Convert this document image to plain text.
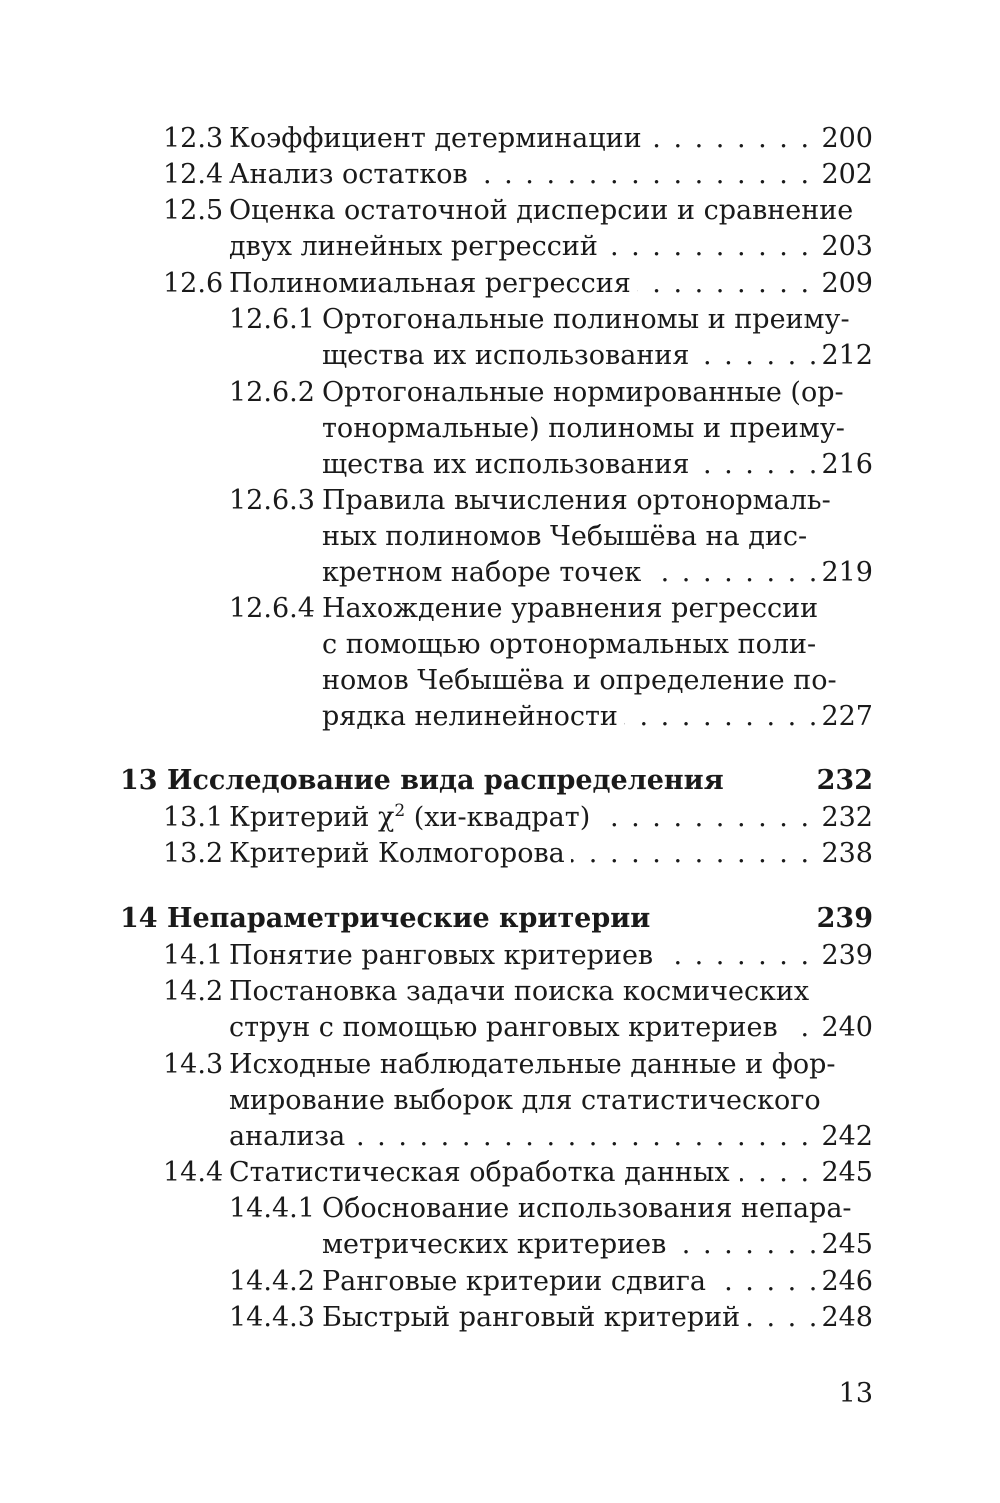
12.3 Коэффициент детерминации . . .	200
12.4 Анализ остатков . . .	202
12.5 Оценка остаточной дисперсии и сравнение
двух линейных регрессий . . .	203
12.6 Полиномиальная регрессия . . .	209
12.6.1 Ортогональные полиномы и преиму-
щества их использования . . .	212
12.6.2 Ортогональные нормированные (ор-
тонормальные) полиномы и преиму-
щества их использования . . .	216
12.6.3 Правила вычисления ортонормаль-
ных полиномов Чебышёва на дис-
кретном наборе точек . . .	219
12.6.4 Нахождение уравнения регрессии
с помощью ортонормальных поли-
номов Чебышёва и определение по-
рядка нелинейности . . .	227
13 Исследование вида распределения	232
13.1 Критерий $\chi^2$ (хи-квадрат) . . .	232
13.2 Критерий Колмогорова . . .	238
14 Непараметрические критерии	239
14.1 Понятие ранговых критериев . . .	239
14.2 Постановка задачи поиска космических
струн с помощью ранговых критериев . . .	240
14.3 Исходные наблюдательные данные и фор-
мирование выборок для статистического
анализа . . .	242
14.4 Статистическая обработка данных . . .	245
14.4.1 Обоснование использования непара-
метрических критериев . . .	245
14.4.2 Ранговые критерии сдвига . . .	246
14.4.3 Быстрый ранговый критерий . . .	248
13
